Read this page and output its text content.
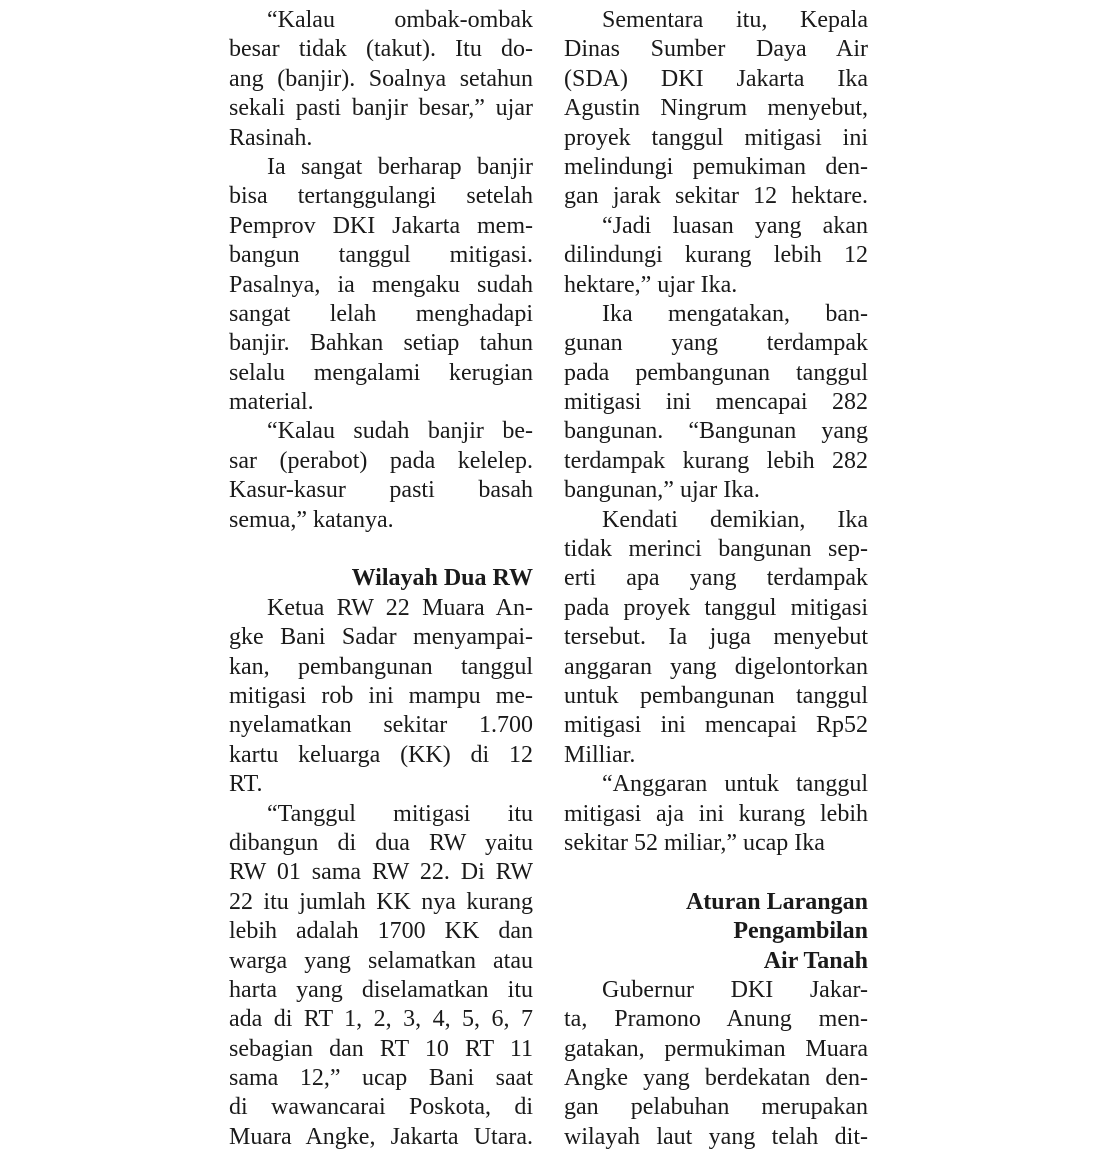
“Kalau ombak-ombak
besar tidak (takut). Itu do-
ang (banjir). Soalnya setahun
sekali pasti banjir besar,” ujar
Rasinah.
Ia sangat berharap banjir
bisa tertanggulangi setelah
Pemprov DKI Jakarta mem-
bangun tanggul mitigasi.
Pasalnya, ia mengaku sudah
sangat lelah menghadapi
banjir. Bahkan setiap tahun
selalu mengalami kerugian
material.
“Kalau sudah banjir be-
sar (perabot) pada kelelep.
Kasur-kasur pasti basah
semua,” katanya.
Wilayah Dua RW
Ketua RW 22 Muara An-
gke Bani Sadar menyampai-
kan, pembangunan tanggul
mitigasi rob ini mampu me-
nyelamatkan sekitar 1.700
kartu keluarga (KK) di 12
RT.
“Tanggul mitigasi itu
dibangun di dua RW yaitu
RW 01 sama RW 22. Di RW
22 itu jumlah KK nya kurang
lebih adalah 1700 KK dan
warga yang selamatkan atau
harta yang diselamatkan itu
ada di RT 1, 2, 3, 4, 5, 6, 7
sebagian dan RT 10 RT 11
sama 12,” ucap Bani saat
di wawancarai Poskota, di
Muara Angke, Jakarta Utara.
Sementara itu, Kepala
Dinas Sumber Daya Air
(SDA) DKI Jakarta Ika
Agustin Ningrum menyebut,
proyek tanggul mitigasi ini
melindungi pemukiman den-
gan jarak sekitar 12 hektare.
“Jadi luasan yang akan
dilindungi kurang lebih 12
hektare,” ujar Ika.
Ika mengatakan, ban-
gunan yang terdampak
pada pembangunan tanggul
mitigasi ini mencapai 282
bangunan. “Bangunan yang
terdampak kurang lebih 282
bangunan,” ujar Ika.
Kendati demikian, Ika
tidak merinci bangunan sep-
erti apa yang terdampak
pada proyek tanggul mitigasi
tersebut. Ia juga menyebut
anggaran yang digelontorkan
untuk pembangunan tanggul
mitigasi ini mencapai Rp52
Milliar.
“Anggaran untuk tanggul
mitigasi aja ini kurang lebih
sekitar 52 miliar,” ucap Ika
Aturan Larangan
Pengambilan
Air Tanah
Gubernur DKI Jakar-
ta, Pramono Anung men-
gatakan, permukiman Muara
Angke yang berdekatan den-
gan pelabuhan merupakan
wilayah laut yang telah dit-
